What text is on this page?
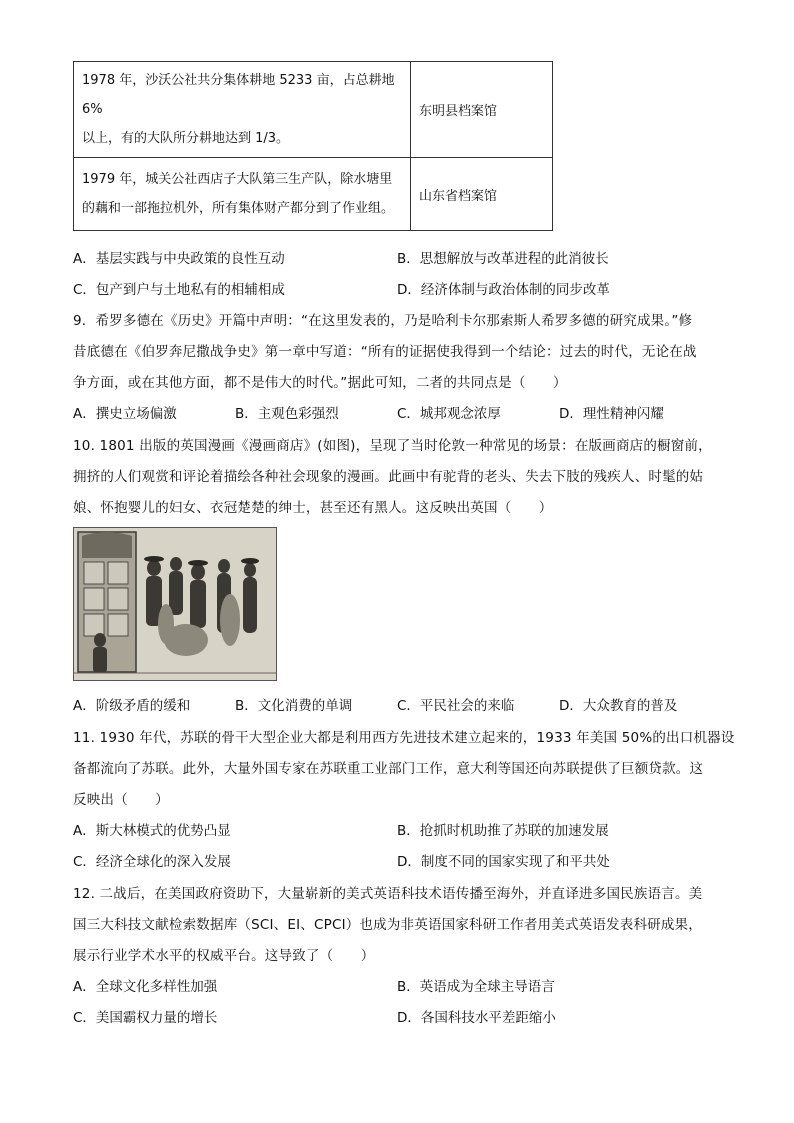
1978 年，沙沃公社共分集体耕地 5233 亩，占总耕地 6%
以上，有的大队所分耕地达到 1/3。	东明县档案馆

1979 年，城关公社西店子大队第三生产队，除水塘里
的藕和一部拖拉机外，所有集体财产都分到了作业组。	山东省档案馆
A．基层实践与中央政策的良性互动	B．思想解放与改革进程的此消彼长
C．包产到户与土地私有的相辅相成	D．经济体制与政治体制的同步改革
9．希罗多德在《历史》开篇中声明：“在这里发表的，乃是哈利卡尔那索斯人希罗多德的研究成果。”修
昔底德在《伯罗奔尼撒战争史》第一章中写道：“所有的证据使我得到一个结论：过去的时代，无论在战
争方面，或在其他方面，都不是伟大的时代。”据此可知，二者的共同点是（　　）
A．撰史立场偏激	B．主观色彩强烈	C．城邦观念浓厚	D．理性精神闪耀
10. 1801 出版的英国漫画《漫画商店》(如图)，呈现了当时伦敦一种常见的场景：在版画商店的橱窗前，
拥挤的人们观赏和评论着描绘各种社会现象的漫画。此画中有驼背的老头、失去下肢的残疾人、时髦的姑
娘、怀抱婴儿的妇女、衣冠楚楚的绅士，甚至还有黑人。这反映出英国（　　）
A．阶级矛盾的缓和	B．文化消费的单调	C．平民社会的来临	D．大众教育的普及
11. 1930 年代，苏联的骨干大型企业大都是利用西方先进技术建立起来的，1933 年美国 50%的出口机器设
备都流向了苏联。此外，大量外国专家在苏联重工业部门工作，意大利等国还向苏联提供了巨额贷款。这
反映出（　　）
A．斯大林模式的优势凸显	B．抢抓时机助推了苏联的加速发展
C．经济全球化的深入发展	D．制度不同的国家实现了和平共处
12. 二战后，在美国政府资助下，大量崭新的美式英语科技术语传播至海外，并直译进多国民族语言。美
国三大科技文献检索数据库（SCI、EI、CPCI）也成为非英语国家科研工作者用美式英语发表科研成果，
展示行业学术水平的权威平台。这导致了（　　）
A．全球文化多样性加强	B．英语成为全球主导语言
C．美国霸权力量的增长	D．各国科技水平差距缩小
